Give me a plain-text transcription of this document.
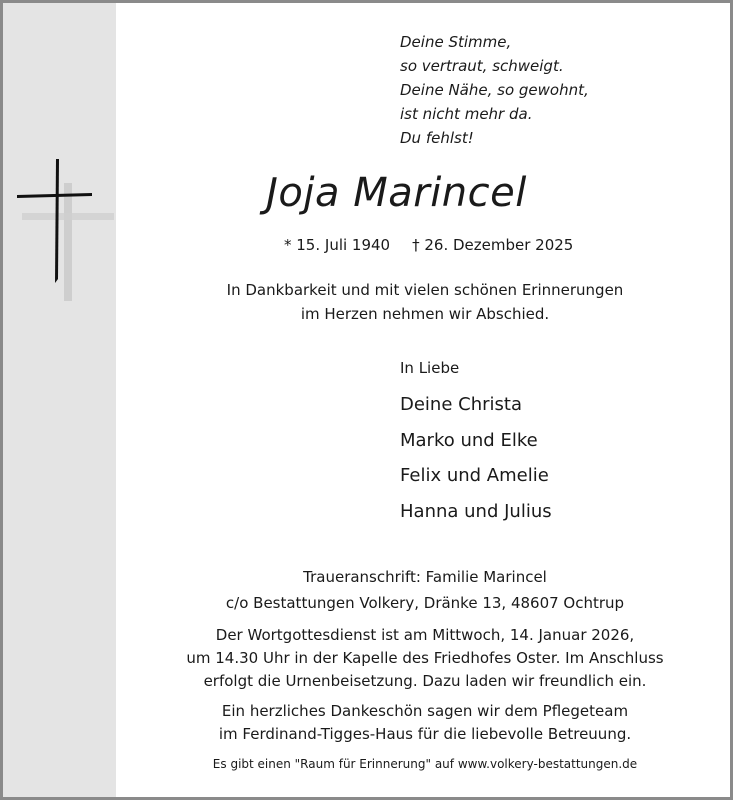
Deine Stimme,
so vertraut, schweigt.
Deine Nähe, so gewohnt,
ist nicht mehr da.
Du fehlst!
Joja Marincel
* 15. Juli 1940 † 26. Dezember 2025
In Dankbarkeit und mit vielen schönen Erinnerungen
im Herzen nehmen wir Abschied.
In Liebe
Deine Christa
Marko und Elke
Felix und Amelie
Hanna und Julius
Traueranschrift: Familie Marincel
c/o Bestattungen Volkery, Dränke 13, 48607 Ochtrup
Der Wortgottesdienst ist am Mittwoch, 14. Januar 2026,
um 14.30 Uhr in der Kapelle des Friedhofes Oster. Im Anschluss
erfolgt die Urnenbeisetzung. Dazu laden wir freundlich ein.
Ein herzliches Dankeschön sagen wir dem Pflegeteam
im Ferdinand-Tigges-Haus für die liebevolle Betreuung.
Es gibt einen "Raum für Erinnerung" auf www.volkery-bestattungen.de
